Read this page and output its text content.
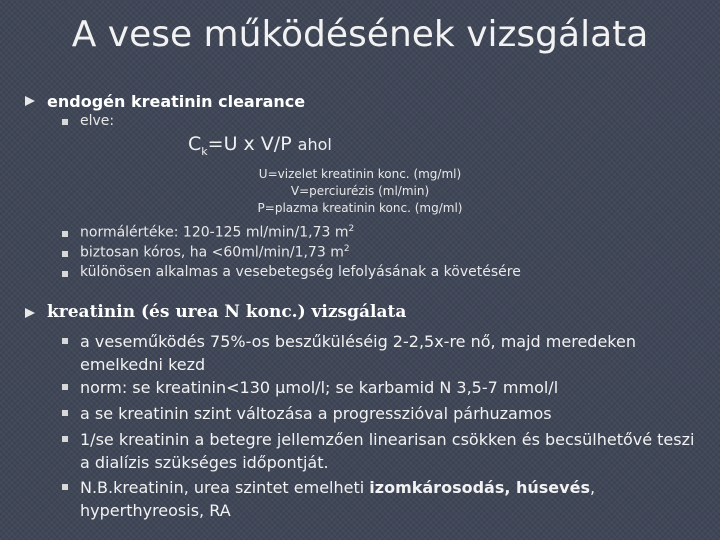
A vese működésének vizsgálata
endogén kreatinin clearance
elve:
$C_k=U$ x V/P ahol
U=vizelet kreatinin konc. (mg/ml)
V=perciurézis (ml/min)
P=plazma kreatinin konc. (mg/ml)
normálértéke: 120-125 ml/min/1,73 $m^2$
biztosan kóros, ha <60ml/min/1,73 $m^2$
különösen alkalmas a vesebetegség lefolyásának a követésére
kreatinin (és urea N konc.) vizsgálata
a veseműködés 75%-os beszűküléséig 2-2,5x-re nő, majd meredeken
emelkedni kezd
norm: se kreatinin<130 μmol/l; se karbamid N 3,5-7 mmol/l
a se kreatinin szint változása a progresszióval párhuzamos
1/se kreatinin a betegre jellemzően linearisan csökken és becsülhetővé teszi
a dialízis szükséges időpontját.
N.B.kreatinin, urea szintet emelheti izomkárosodás, húsevés,
hyperthyreosis, RA
